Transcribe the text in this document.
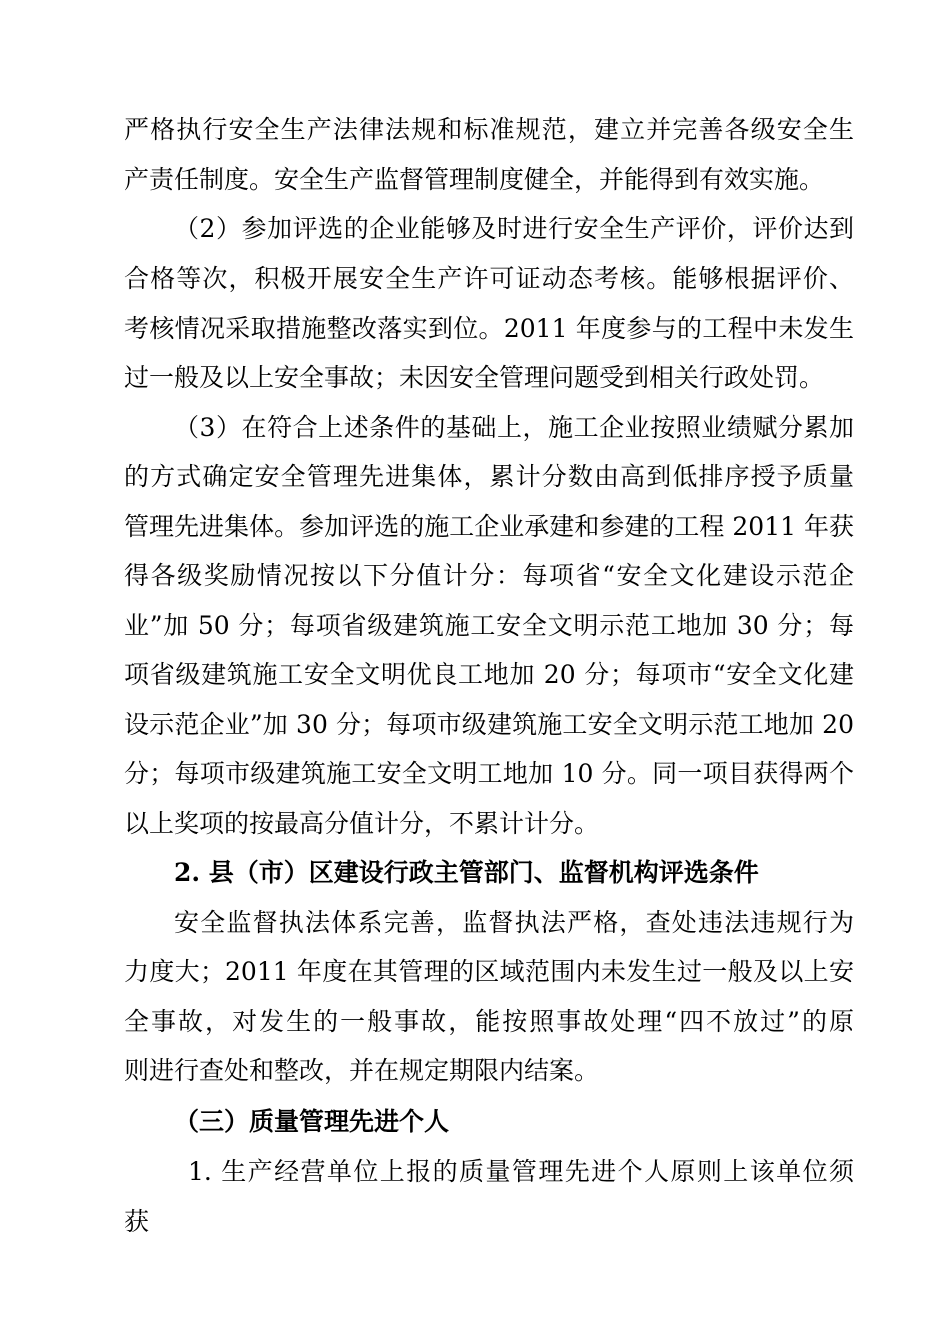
严格执行安全生产法律法规和标准规范，建立并完善各级安全生
产责任制度。安全生产监督管理制度健全，并能得到有效实施。
（2）参加评选的企业能够及时进行安全生产评价，评价达到
合格等次，积极开展安全生产许可证动态考核。能够根据评价、
考核情况采取措施整改落实到位。2011 年度参与的工程中未发生
过一般及以上安全事故；未因安全管理问题受到相关行政处罚。
（3）在符合上述条件的基础上，施工企业按照业绩赋分累加
的方式确定安全管理先进集体，累计分数由高到低排序授予质量
管理先进集体。参加评选的施工企业承建和参建的工程 2011 年获
得各级奖励情况按以下分值计分：每项省“安全文化建设示范企
业”加 50 分；每项省级建筑施工安全文明示范工地加 30 分；每
项省级建筑施工安全文明优良工地加 20 分；每项市“安全文化建
设示范企业”加 30 分；每项市级建筑施工安全文明示范工地加 20
分；每项市级建筑施工安全文明工地加 10 分。同一项目获得两个
以上奖项的按最高分值计分，不累计计分。
2. 县（市）区建设行政主管部门、监督机构评选条件
安全监督执法体系完善，监督执法严格，查处违法违规行为
力度大；2011 年度在其管理的区域范围内未发生过一般及以上安
全事故，对发生的一般事故，能按照事故处理“四不放过”的原
则进行查处和整改，并在规定期限内结案。
（三）质量管理先进个人
1. 生产经营单位上报的质量管理先进个人原则上该单位须
获
